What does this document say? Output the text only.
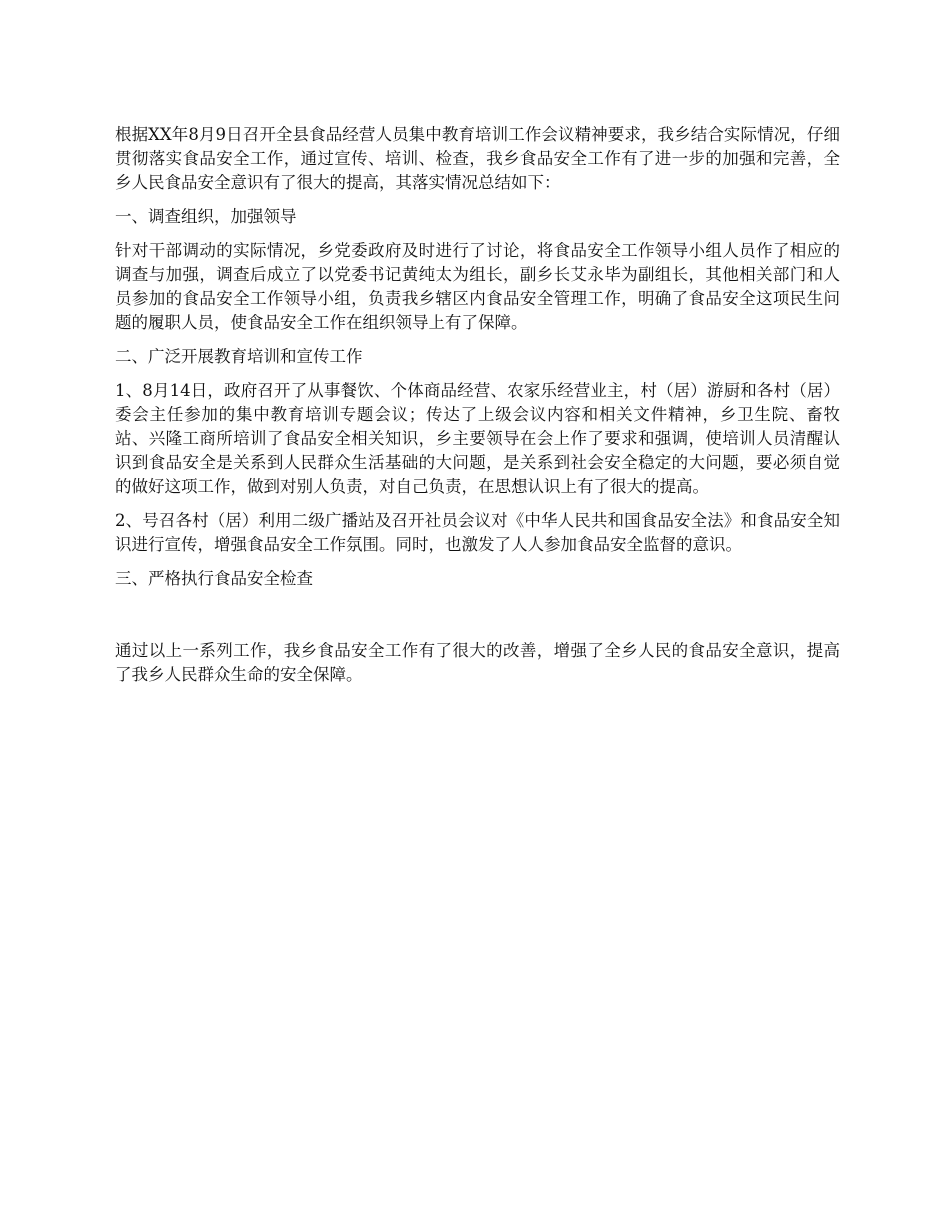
根据XX年8月9日召开全县食品经营人员集中教育培训工作会议精神要求，我乡结合实际情况，仔细贯彻落实食品安全工作，通过宣传、培训、检查，我乡食品安全工作有了进一步的加强和完善，全乡人民食品安全意识有了很大的提高，其落实情况总结如下：

一、调查组织，加强领导

针对干部调动的实际情况，乡党委政府及时进行了讨论，将食品安全工作领导小组人员作了相应的调查与加强，调查后成立了以党委书记黄纯太为组长，副乡长艾永毕为副组长，其他相关部门和人员参加的食品安全工作领导小组，负责我乡辖区内食品安全管理工作，明确了食品安全这项民生问题的履职人员，使食品安全工作在组织领导上有了保障。

二、广泛开展教育培训和宣传工作

1、8月14日，政府召开了从事餐饮、个体商品经营、农家乐经营业主，村（居）游厨和各村（居）委会主任参加的集中教育培训专题会议；传达了上级会议内容和相关文件精神，乡卫生院、畜牧站、兴隆工商所培训了食品安全相关知识，乡主要领导在会上作了要求和强调，使培训人员清醒认识到食品安全是关系到人民群众生活基础的大问题，是关系到社会安全稳定的大问题，要必须自觉的做好这项工作，做到对别人负责，对自己负责，在思想认识上有了很大的提高。

2、号召各村（居）利用二级广播站及召开社员会议对《中华人民共和国食品安全法》和食品安全知识进行宣传，增强食品安全工作氛围。同时，也激发了人人参加食品安全监督的意识。

三、严格执行食品安全检查

通过以上一系列工作，我乡食品安全工作有了很大的改善，增强了全乡人民的食品安全意识，提高了我乡人民群众生命的安全保障。
